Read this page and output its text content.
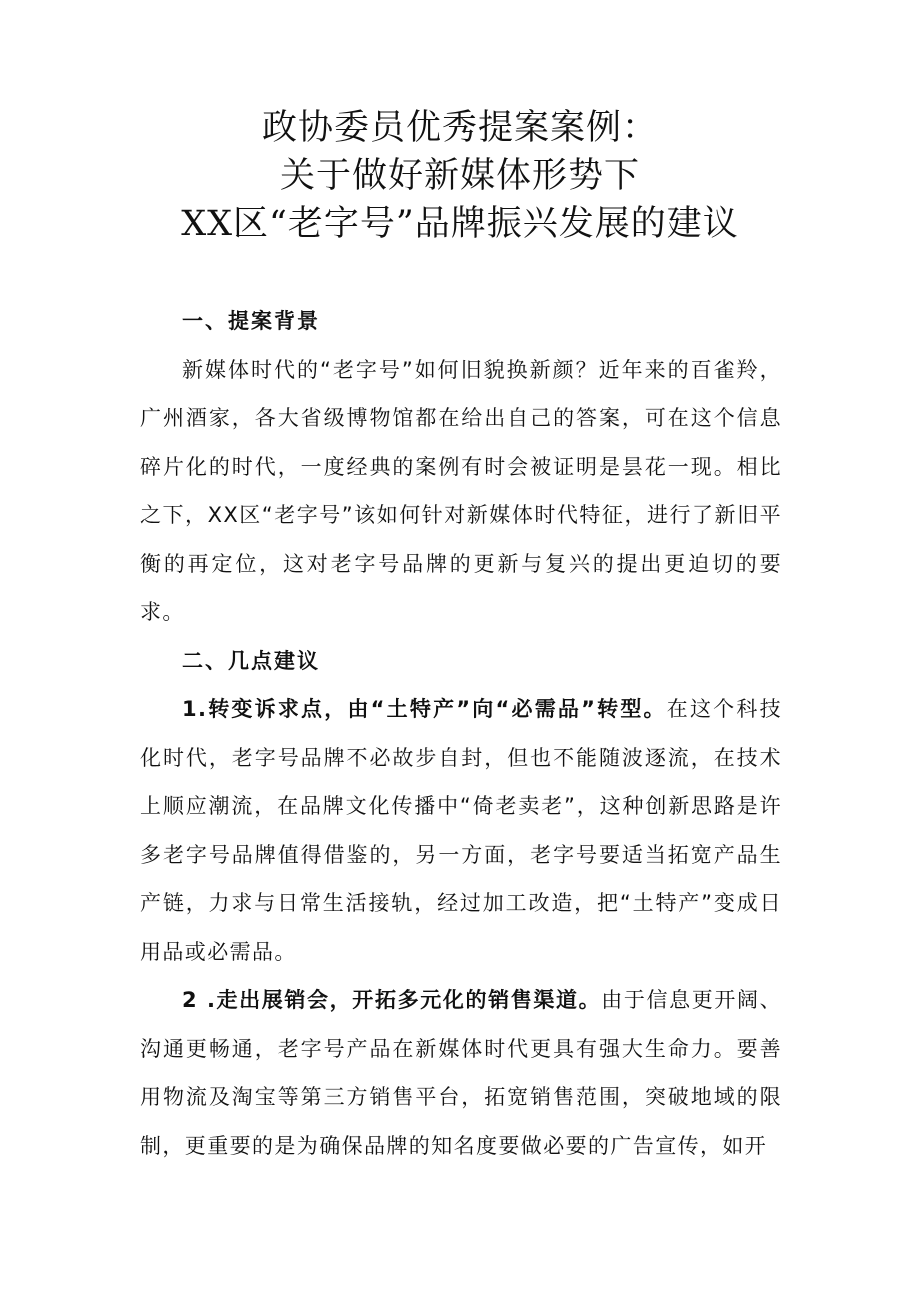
政协委员优秀提案案例：
关于做好新媒体形势下
XX区“老字号”品牌振兴发展的建议
一、提案背景

新媒体时代的“老字号”如何旧貌换新颜？近年来的百雀羚，广州酒家，各大省级博物馆都在给出自己的答案，可在这个信息碎片化的时代，一度经典的案例有时会被证明是昙花一现。相比之下，XX区“老字号”该如何针对新媒体时代特征，进行了新旧平衡的再定位，这对老字号品牌的更新与复兴的提出更迫切的要求。

二、几点建议

1.转变诉求点，由“土特产”向“必需品”转型。在这个科技化时代，老字号品牌不必故步自封，但也不能随波逐流，在技术上顺应潮流，在品牌文化传播中“倚老卖老”，这种创新思路是许多老字号品牌值得借鉴的，另一方面，老字号要适当拓宽产品生产链，力求与日常生活接轨，经过加工改造，把“土特产”变成日用品或必需品。

2 .走出展销会，开拓多元化的销售渠道。由于信息更开阔、沟通更畅通，老字号产品在新媒体时代更具有强大生命力。要善用物流及淘宝等第三方销售平台，拓宽销售范围，突破地域的限制，更重要的是为确保品牌的知名度要做必要的广告宣传，如开
